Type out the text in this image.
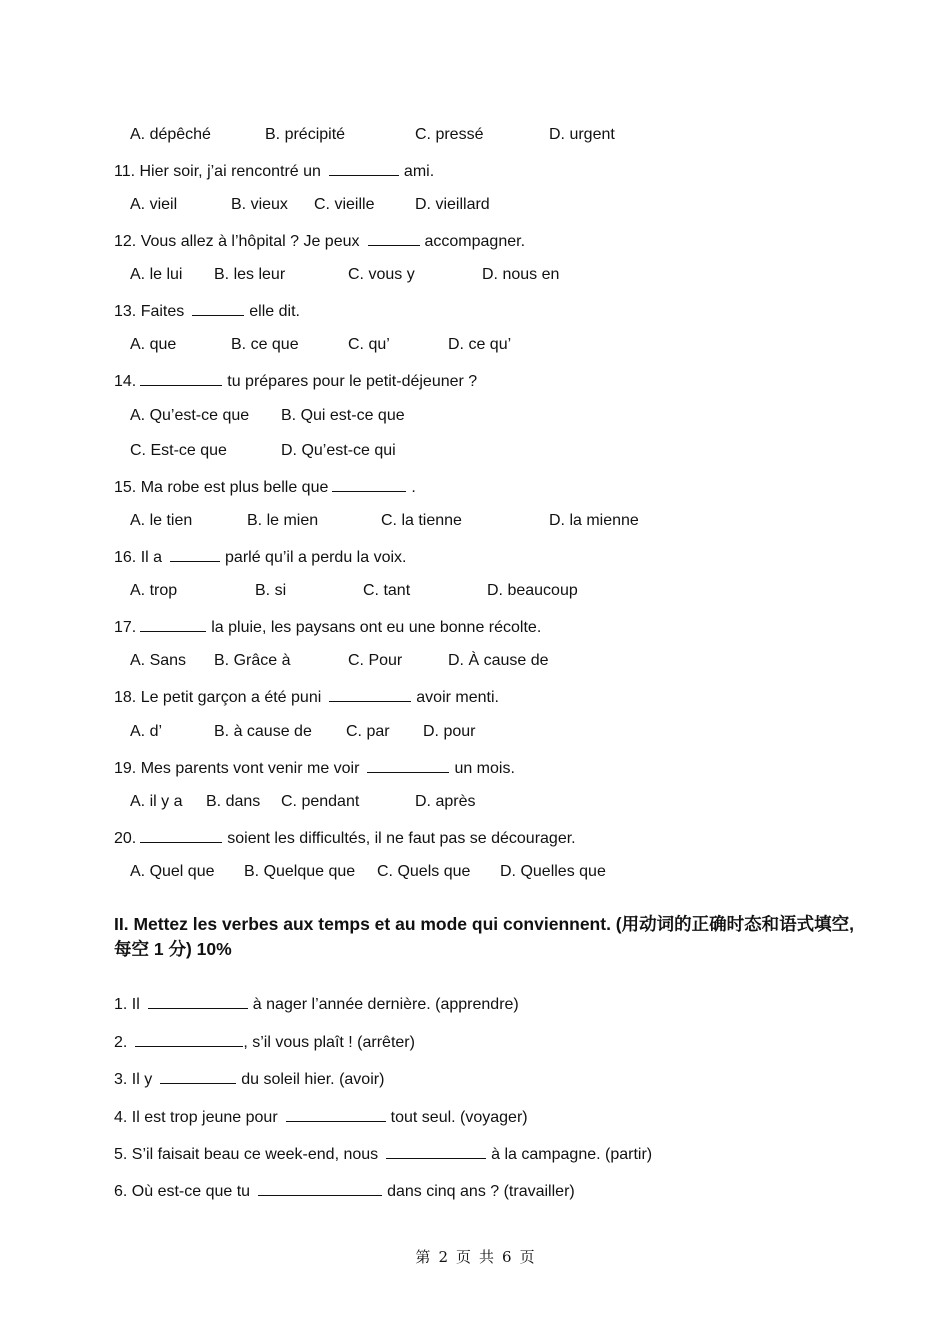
A. dépêché	B. précipité	C. pressé	D. urgent
11. Hier soir, j’ai rencontré un	ami.
A. vieil	B. vieux C. vieille	D. vieillard
12. Vous allez à l’hôpital ? Je peux	accompagner.
A. le lui B. les leur	C. vous y	D. nous en
13. Faites	elle dit.
A. que	B. ce que	C. qu’	D. ce qu’
14.	tu prépares pour le petit-déjeuner ?
A. Qu’est-ce que B. Qui est-ce que
C. Est-ce que	D. Qu’est-ce qui
15. Ma robe est plus belle que	.
A. le tien	B. le mien	C. la tienne	D. la mienne
16. Il a	parlé qu’il a perdu la voix.
A. trop	B. si	C. tant	D. beaucoup
17.	la pluie, les paysans ont eu une bonne récolte.
A. Sans B. Grâce à	C. Pour	D. À cause de
18. Le petit garçon a été puni	avoir menti.
A. d’	B. à cause de C. par D. pour
19. Mes parents vont venir me voir	un mois.
A. il y a B. dans C. pendant	D. après
20.	soient les difficultés, il ne faut pas se décourager.
A. Quel que B. Quelque que C. Quels que D. Quelles que
II. Mettez les verbes aux temps et au mode qui conviennent. (用动词的正确时态和语式填空, 每空 1 分) 10%
1. Il	à nager l’année dernière. (apprendre)
2.	, s’il vous plaît ! (arrêter)
3. Il y	du soleil hier. (avoir)
4. Il est trop jeune pour	tout seul. (voyager)
5. S’il faisait beau ce week-end, nous	à la campagne. (partir)
6. Où est-ce que tu	dans cinq ans ? (travailler)
第 2 页 共 6 页
